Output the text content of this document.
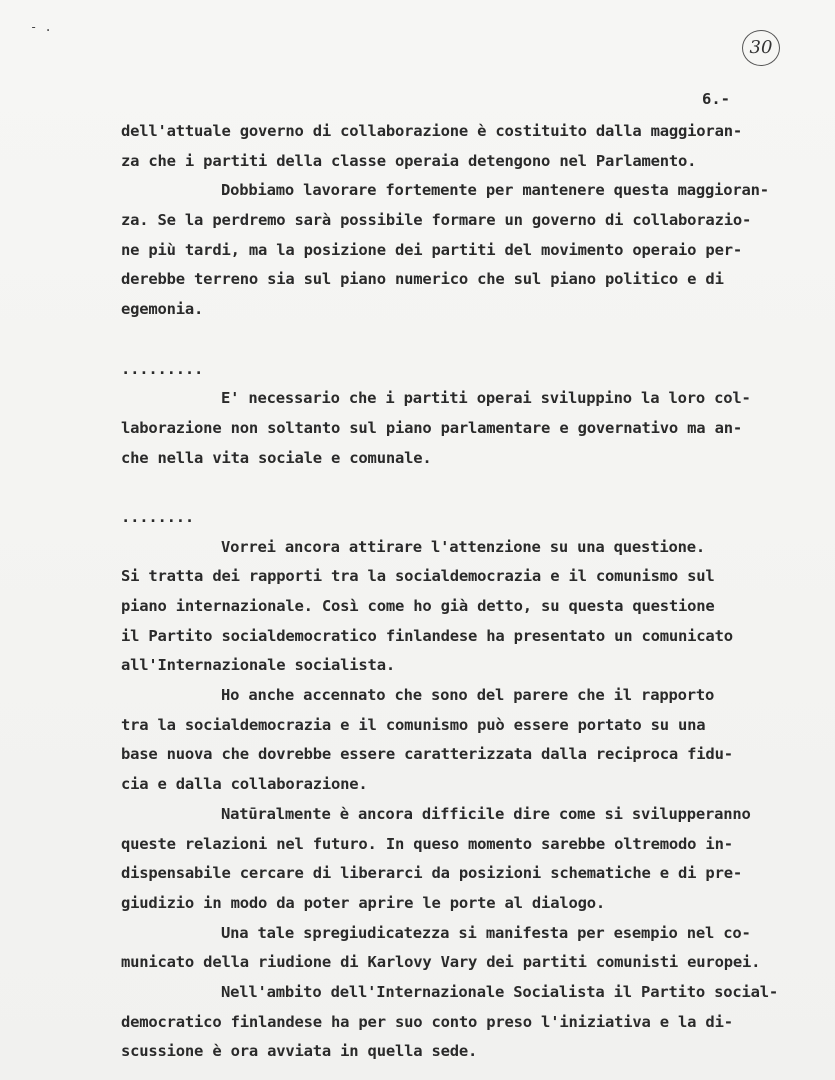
- .
30
6.-
dell'attuale governo di collaborazione è costituito dalla maggioran-
za che i partiti della classe operaia detengono nel Parlamento.
Dobbiamo lavorare fortemente per mantenere questa maggioran-
za. Se la perdremo sarà possibile formare un governo di collaborazio-
ne più tardi, ma la posizione dei partiti del movimento operaio per-
derebbe terreno sia sul piano numerico che sul piano politico e di
egemonia.
.........
E' necessario che i partiti operai sviluppino la loro col-
laborazione non soltanto sul piano parlamentare e governativo ma an-
che nella vita sociale e comunale.
........
Vorrei ancora attirare l'attenzione su una questione.
Si tratta dei rapporti tra la socialdemocrazia e il comunismo sul
piano internazionale. Così come ho già detto, su questa questione
il Partito socialdemocratico finlandese ha presentato un comunicato
all'Internazionale socialista.
Ho anche accennato che sono del parere che il rapporto
tra la socialdemocrazia e il comunismo può essere portato su una
base nuova che dovrebbe essere caratterizzata dalla reciproca fidu-
cia e dalla collaborazione.
Natūralmente è ancora difficile dire come si svilupperanno
queste relazioni nel futuro. In queso momento sarebbe oltremodo in-
dispensabile cercare di liberarci da posizioni schematiche e di pre-
giudizio in modo da poter aprire le porte al dialogo.
Una tale spregiudicatezza si manifesta per esempio nel co-
municato della riudione di Karlovy Vary dei partiti comunisti europei.
Nell'ambito dell'Internazionale Socialista il Partito social-
democratico finlandese ha per suo conto preso l'iniziativa e la di-
scussione è ora avviata in quella sede.
